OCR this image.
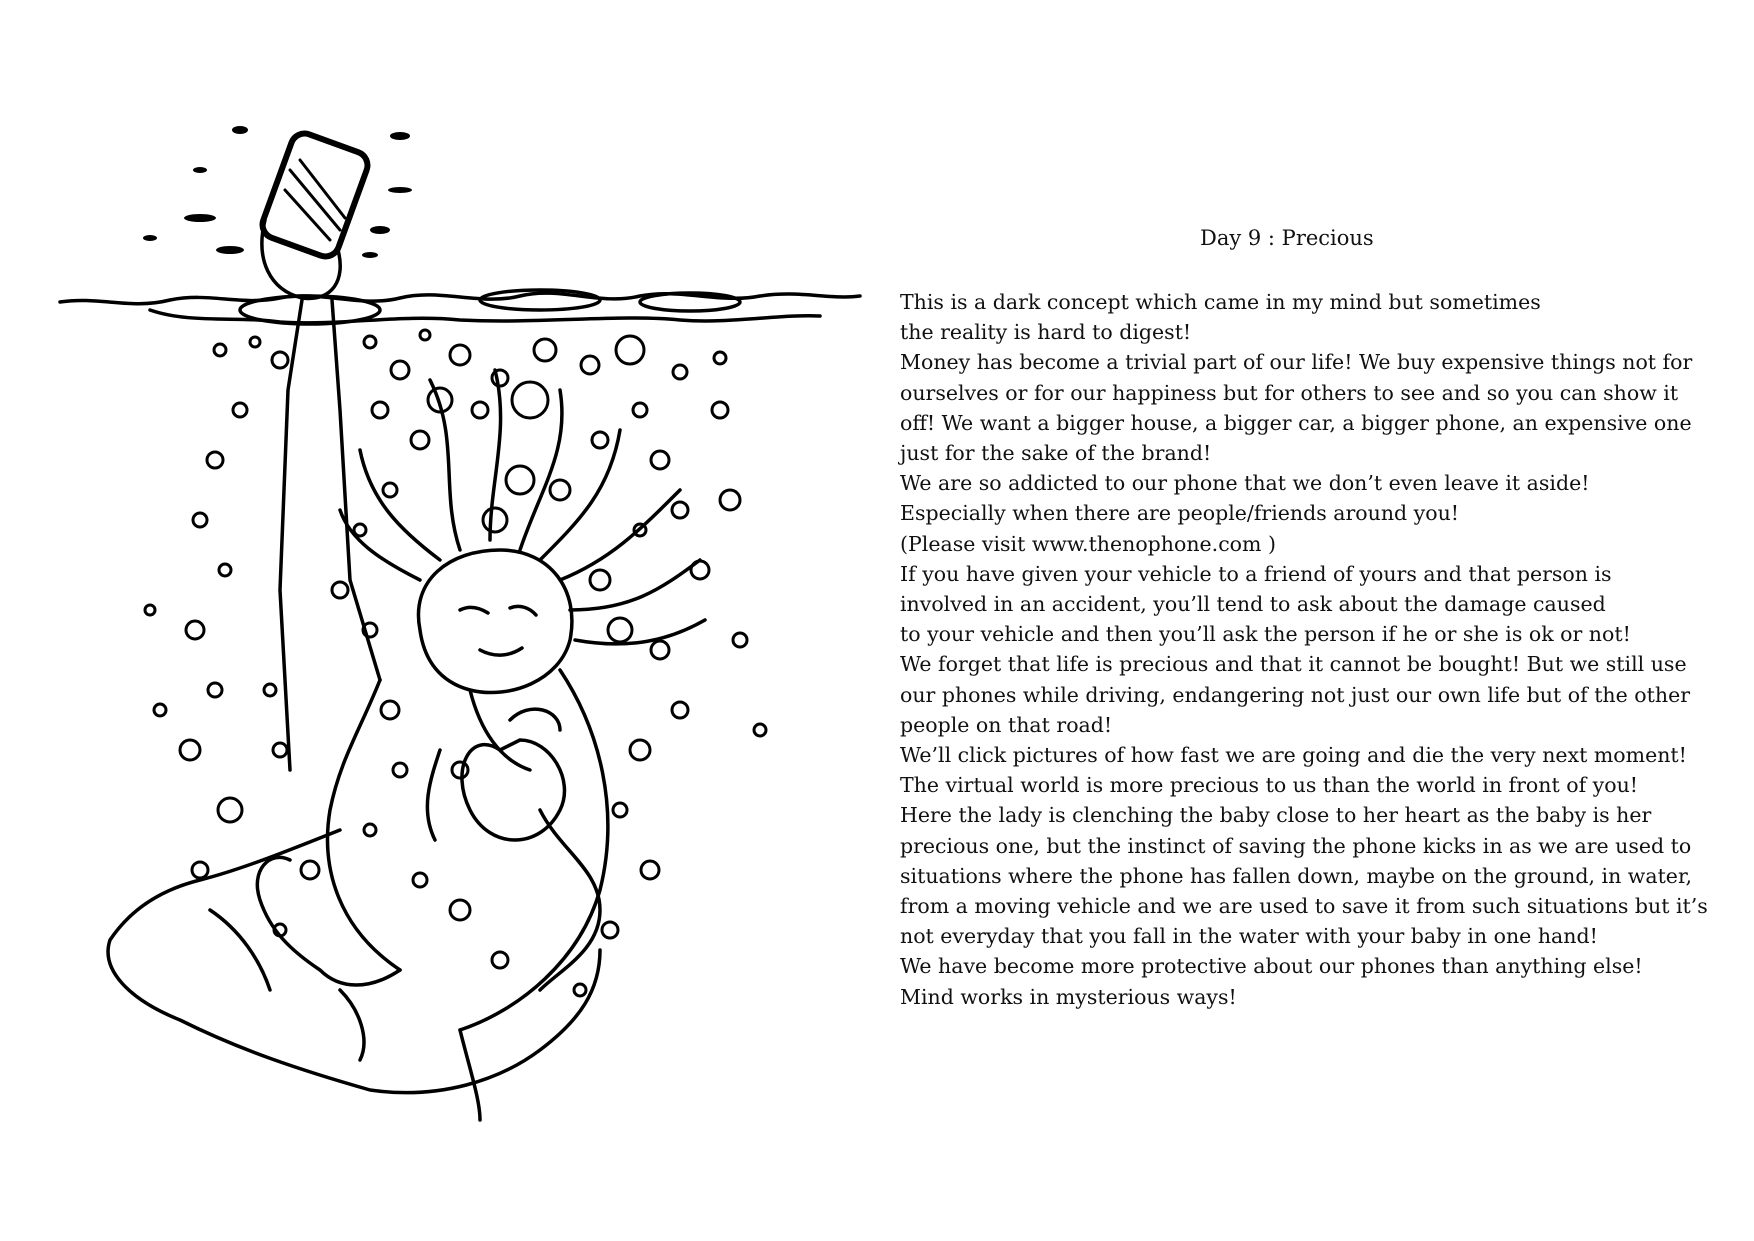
Day 9 : Precious
This is a dark concept which came in my mind but sometimes
the reality is hard to digest!
Money has become a trivial part of our life! We buy expensive things not for
ourselves or for our happiness but for others to see and so you can show it
off! We want a bigger house, a bigger car, a bigger phone, an expensive one
just for the sake of the brand!
We are so addicted to our phone that we don’t even leave it aside!
Especially when there are people/friends around you!
(Please visit www.thenophone.com )
If you have given your vehicle to a friend of yours and that person is
involved in an accident, you’ll tend to ask about the damage caused
to your vehicle and then you’ll ask the person if he or she is ok or not!
We forget that life is precious and that it cannot be bought! But we still use
our phones while driving, endangering not just our own life but of the other
people on that road!
We’ll click pictures of how fast we are going and die the very next moment!
The virtual world is more precious to us than the world in front of you!
Here the lady is clenching the baby close to her heart as the baby is her
precious one, but the instinct of saving the phone kicks in as we are used to
situations where the phone has fallen down, maybe on the ground, in water,
from a moving vehicle and we are used to save it from such situations but it’s
not everyday that you fall in the water with your baby in one hand!
We have become more protective about our phones than anything else!
Mind works in mysterious ways!
